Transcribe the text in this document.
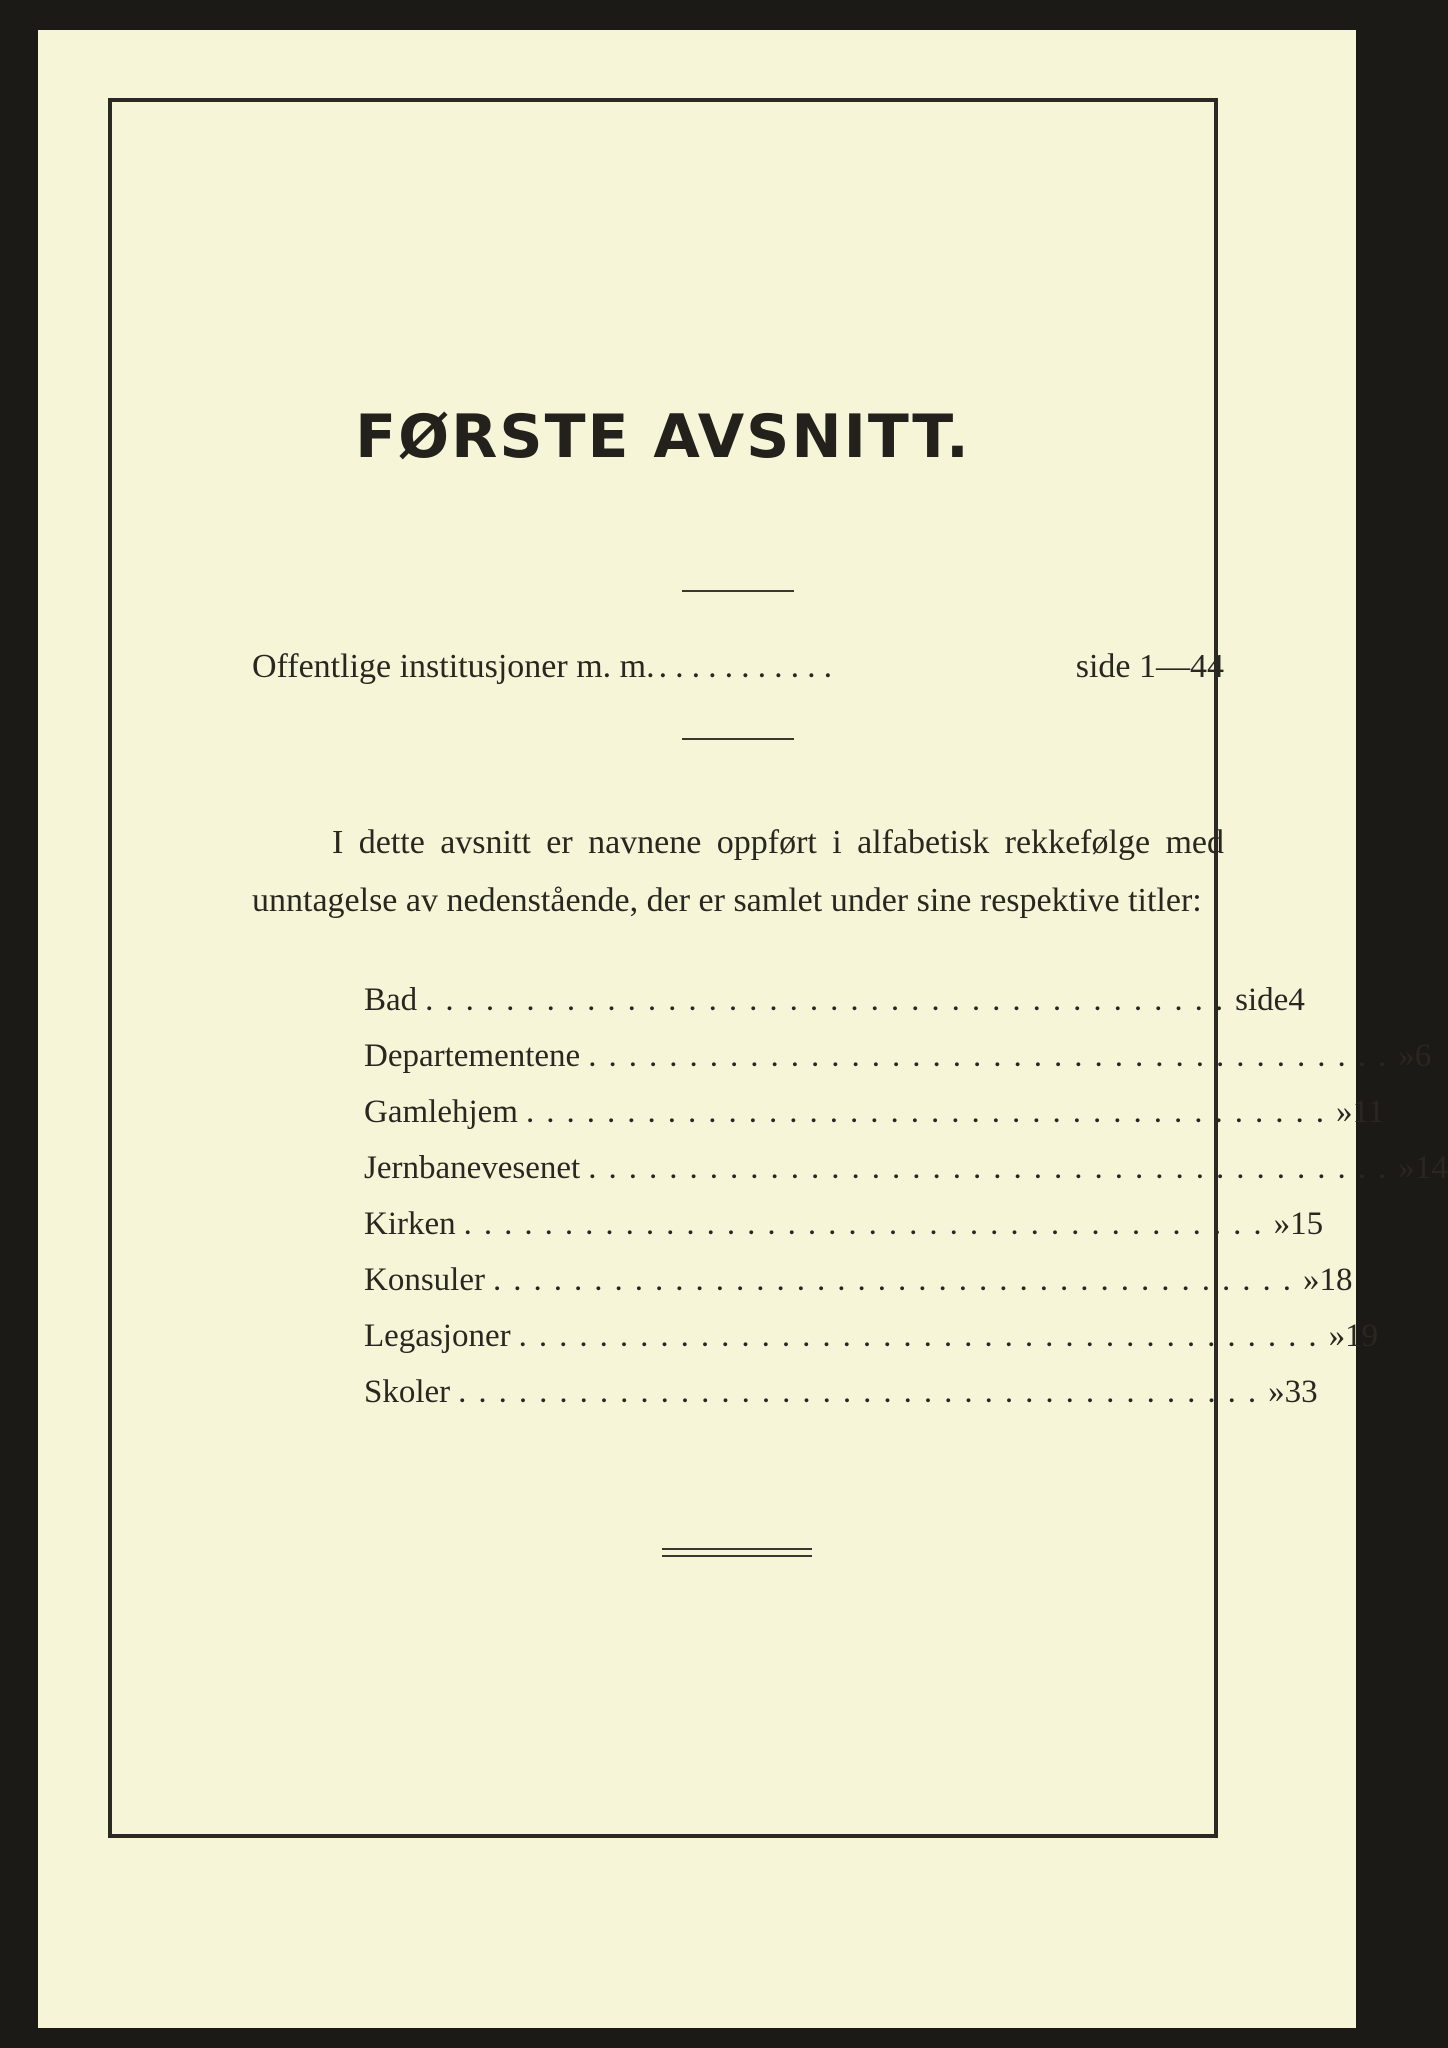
FØRSTE AVSNITT.
Offentlige institusjoner m. m. ...........	side 1—44
I dette avsnitt er navnene oppført i alfabetisk rekkefølge med unntagelse av nedenstående, der er samlet under sine respektive titler:
Bad ........................................ side 4
Departementene ........................................ » 6
Gamlehjem ........................................ » 11
Jernbanevesenet ........................................ » 14
Kirken ........................................ » 15
Konsuler ........................................ » 18
Legasjoner ........................................ » 19
Skoler ........................................ » 33
